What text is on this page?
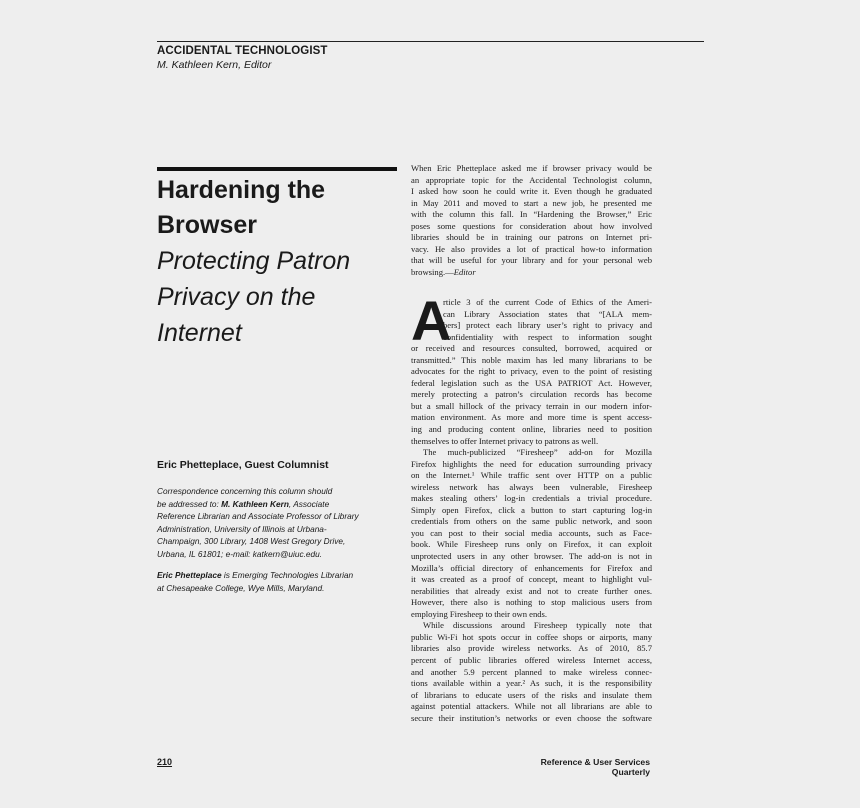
ACCIDENTAL TECHNOLOGIST
M. Kathleen Kern, Editor
Hardening the Browser
Protecting Patron
Privacy on the
Internet
Eric Phetteplace, Guest Columnist
Correspondence concerning this column should
be addressed to: M. Kathleen Kern, Associate
Reference Librarian and Associate Professor of Library
Administration, University of Illinois at Urbana-
Champaign, 300 Library, 1408 West Gregory Drive,
Urbana, IL 61801; e-mail: katkern@uiuc.edu.
Eric Phetteplace is Emerging Technologies Librarian
at Chesapeake College, Wye Mills, Maryland.
When Eric Phetteplace asked me if browser privacy would be
an appropriate topic for the Accidental Technologist column,
I asked how soon he could write it. Even though he graduated
in May 2011 and moved to start a new job, he presented me
with the column this fall. In “Hardening the Browser,” Eric
poses some questions for consideration about how involved
libraries should be in training our patrons on Internet pri-
vacy. He also provides a lot of practical how-to information
that will be useful for your library and for your personal web
browsing.—Editor
A
rticle 3 of the current Code of Ethics of the Ameri-
can Library Association states that “[ALA mem-
bers] protect each library user’s right to privacy and
confidentiality with respect to information sought
or received and resources consulted, borrowed, acquired or
transmitted.” This noble maxim has led many librarians to be
advocates for the right to privacy, even to the point of resisting
federal legislation such as the USA PATRIOT Act. However,
merely protecting a patron’s circulation records has become
but a small hillock of the privacy terrain in our modern infor-
mation environment. As more and more time is spent access-
ing and producing content online, libraries need to position
themselves to offer Internet privacy to patrons as well.
The much-publicized “Firesheep” add-on for Mozilla
Firefox highlights the need for education surrounding privacy
on the Internet.¹ While traffic sent over HTTP on a public
wireless network has always been vulnerable, Firesheep
makes stealing others’ log-in credentials a trivial procedure.
Simply open Firefox, click a button to start capturing log-in
credentials from others on the same public network, and soon
you can post to their social media accounts, such as Face-
book. While Firesheep runs only on Firefox, it can exploit
unprotected users in any other browser. The add-on is not in
Mozilla’s official directory of enhancements for Firefox and
it was created as a proof of concept, meant to highlight vul-
nerabilities that already exist and not to create further ones.
However, there also is nothing to stop malicious users from
employing Firesheep to their own ends.
While discussions around Firesheep typically note that
public Wi-Fi hot spots occur in coffee shops or airports, many
libraries also provide wireless networks. As of 2010, 85.7
percent of public libraries offered wireless Internet access,
and another 5.9 percent planned to make wireless connec-
tions available within a year.² As such, it is the responsibility
of librarians to educate users of the risks and insulate them
against potential attackers. While not all librarians are able to
secure their institution’s networks or even choose the software
210	Reference & User Services Quarterly
